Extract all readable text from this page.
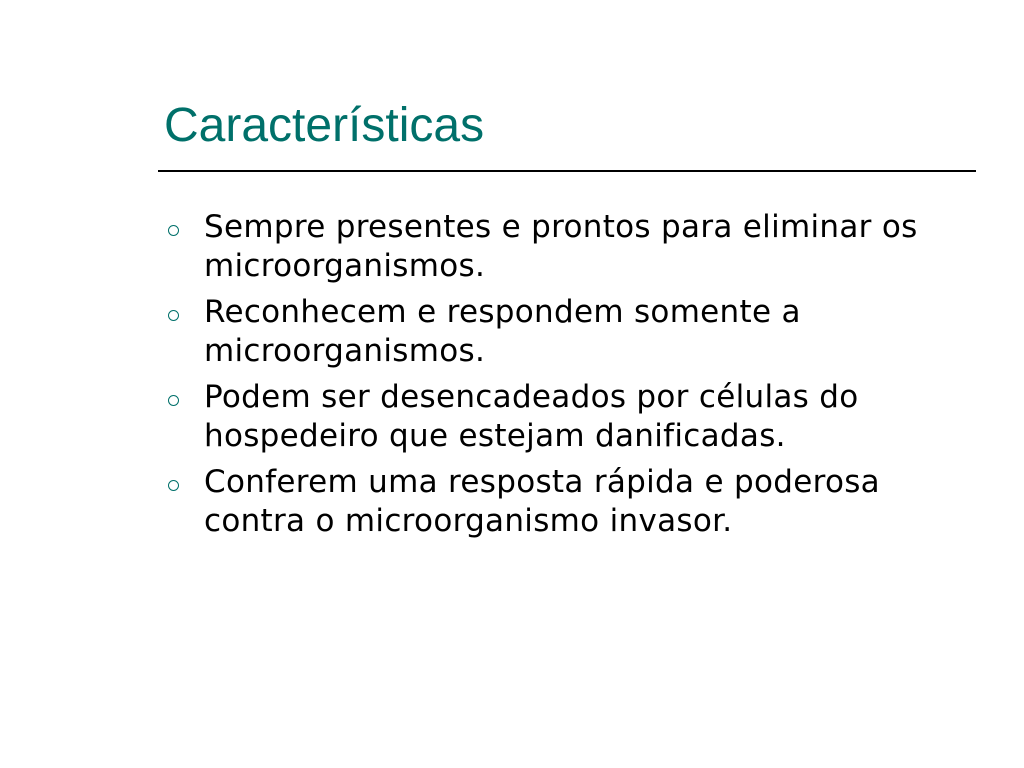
Características
Sempre presentes e prontos para eliminar os microorganismos.
Reconhecem e respondem somente a microorganismos.
Podem ser desencadeados por células do hospedeiro que estejam danificadas.
Conferem uma resposta rápida e poderosa contra o microorganismo invasor.
